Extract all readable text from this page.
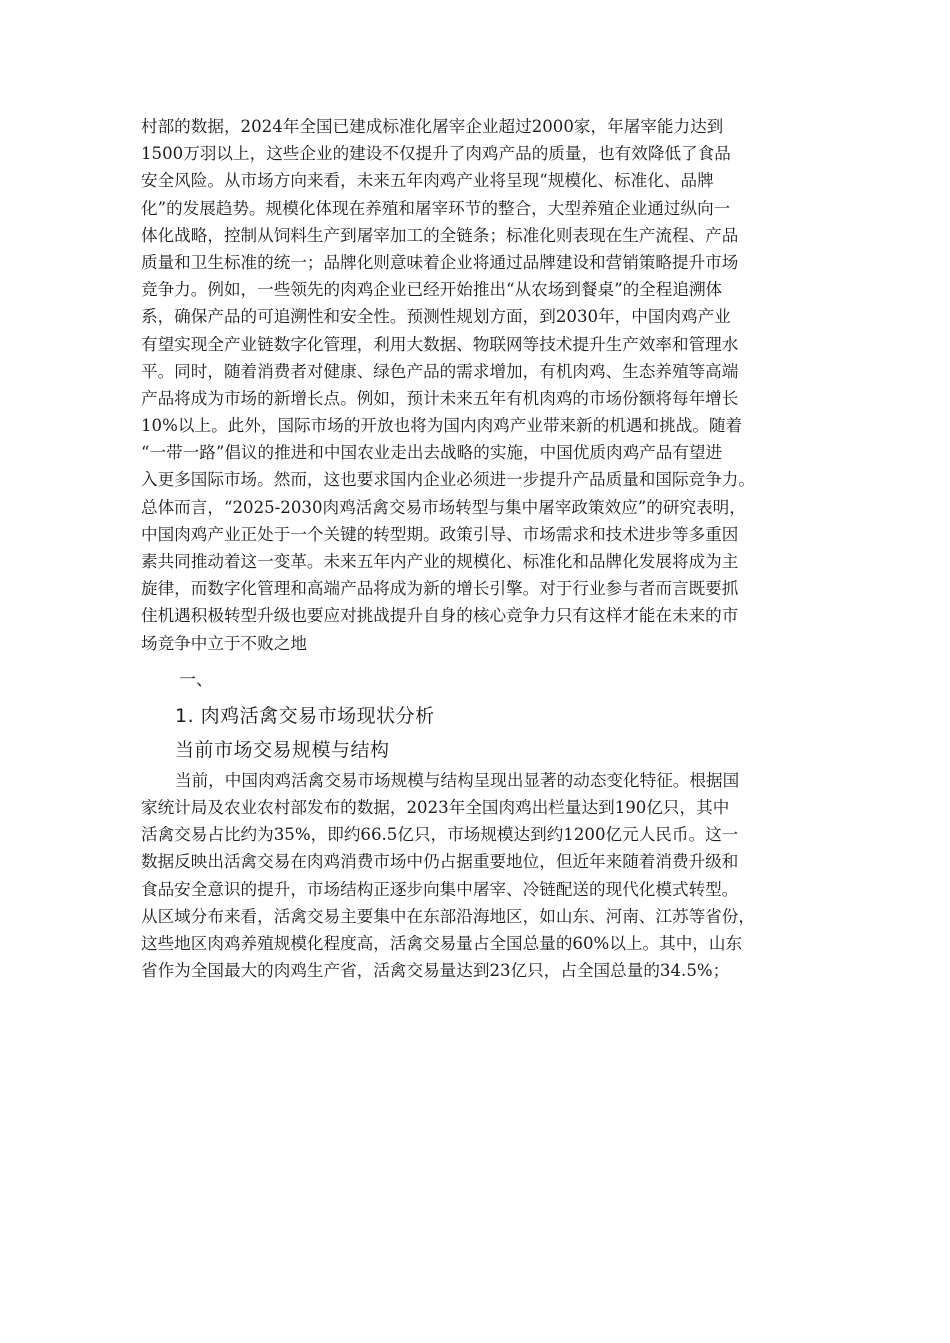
村部的数据，2024年全国已建成标准化屠宰企业超过2000家，年屠宰能力达到
1500万羽以上，这些企业的建设不仅提升了肉鸡产品的质量，也有效降低了食品
安全风险。从市场方向来看，未来五年肉鸡产业将呈现“规模化、标准化、品牌
化”的发展趋势。规模化体现在养殖和屠宰环节的整合，大型养殖企业通过纵向一
体化战略，控制从饲料生产到屠宰加工的全链条；标准化则表现在生产流程、产品
质量和卫生标准的统一；品牌化则意味着企业将通过品牌建设和营销策略提升市场
竞争力。例如，一些领先的肉鸡企业已经开始推出“从农场到餐桌”的全程追溯体
系，确保产品的可追溯性和安全性。预测性规划方面，到2030年，中国肉鸡产业
有望实现全产业链数字化管理，利用大数据、物联网等技术提升生产效率和管理水
平。同时，随着消费者对健康、绿色产品的需求增加，有机肉鸡、生态养殖等高端
产品将成为市场的新增长点。例如，预计未来五年有机肉鸡的市场份额将每年增长
10%以上。此外，国际市场的开放也将为国内肉鸡产业带来新的机遇和挑战。随着
“一带一路”倡议的推进和中国农业走出去战略的实施，中国优质肉鸡产品有望进
入更多国际市场。然而，这也要求国内企业必须进一步提升产品质量和国际竞争力。
总体而言，“2025-2030肉鸡活禽交易市场转型与集中屠宰政策效应”的研究表明，
中国肉鸡产业正处于一个关键的转型期。政策引导、市场需求和技术进步等多重因
素共同推动着这一变革。未来五年内产业的规模化、标准化和品牌化发展将成为主
旋律，而数字化管理和高端产品将成为新的增长引擎。对于行业参与者而言既要抓
住机遇积极转型升级也要应对挑战提升自身的核心竞争力只有这样才能在未来的市
场竞争中立于不败之地
一、
1. 肉鸡活禽交易市场现状分析
当前市场交易规模与结构
当前，中国肉鸡活禽交易市场规模与结构呈现出显著的动态变化特征。根据国
家统计局及农业农村部发布的数据，2023年全国肉鸡出栏量达到190亿只，其中
活禽交易占比约为35%，即约66.5亿只，市场规模达到约1200亿元人民币。这一
数据反映出活禽交易在肉鸡消费市场中仍占据重要地位，但近年来随着消费升级和
食品安全意识的提升，市场结构正逐步向集中屠宰、冷链配送的现代化模式转型。
从区域分布来看，活禽交易主要集中在东部沿海地区，如山东、河南、江苏等省份，
这些地区肉鸡养殖规模化程度高，活禽交易量占全国总量的60%以上。其中，山东
省作为全国最大的肉鸡生产省，活禽交易量达到23亿只，占全国总量的34.5%；
